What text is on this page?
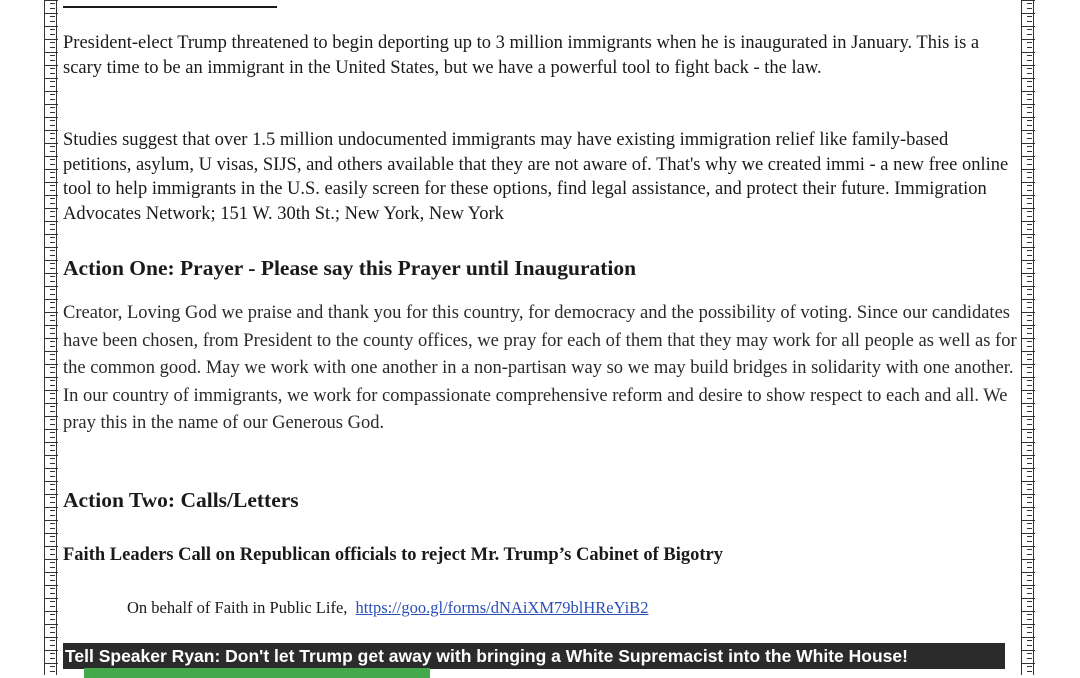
President-elect Trump threatened to begin deporting up to 3 million immigrants when he is inaugurated in January. This is a scary time to be an immigrant in the United States, but we have a powerful tool to fight back - the law.

Studies suggest that over 1.5 million undocumented immigrants may have existing immigration relief like family-based petitions, asylum, U visas, SIJS, and others available that they are not aware of. That's why we created immi - a new free online tool to help immigrants in the U.S. easily screen for these options, find legal assistance, and protect their future. Immigration Advocates Network; 151 W. 30th St.; New York, New York

Action One: Prayer - Please say this Prayer until Inauguration

Creator, Loving God we praise and thank you for this country, for democracy and the possibility of voting. Since our candidates have been chosen, from President to the county offices, we pray for each of them that they may work for all people as well as for the common good. May we work with one another in a non-partisan way so we may build bridges in solidarity with one another. In our country of immigrants, we work for compassionate comprehensive reform and desire to show respect to each and all. We pray this in the name of our Generous God.

Action Two: Calls/Letters
Faith Leaders Call on Republican officials to reject Mr. Trump’s Cabinet of Bigotry

On behalf of Faith in Public Life, https://goo.gl/forms/dNAiXM79blHReYiB2

Tell Speaker Ryan: Don't let Trump get away with bringing a White Supremacist into the White House!
